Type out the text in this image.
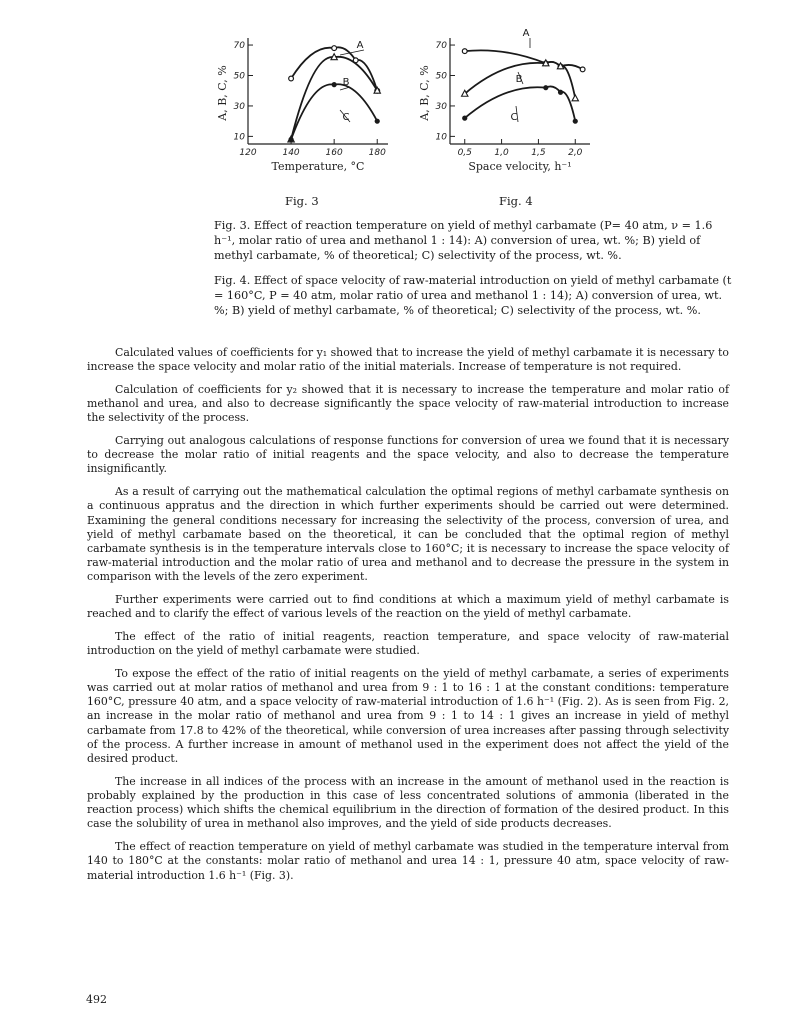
70
50
30
10
120	140	160	180
Temperature, °C
A, B, C, %
A
B
C
Fig. 3
70
50
30
10
0,5	1,0	1,5	2,0
Space velocity, h⁻¹
A, B, C, %
A
B
C
Fig. 4

Fig. 3. Effect of reaction temperature on yield of methyl carbamate (P= 40 atm, ν = 1.6 h⁻¹, molar ratio of urea and methanol 1 : 14): A) conversion of urea, wt. %; B) yield of methyl carbamate, % of theoretical; C) selectivity of the process, wt. %.

Fig. 4. Effect of space velocity of raw-material introduction on yield of methyl carbamate (t = 160°C, P = 40 atm, molar ratio of urea and methanol 1 : 14); A) conversion of urea, wt. %; B) yield of methyl carbamate, % of theoretical; C) selectivity of the process, wt. %.

Calculated values of coefficients for y₁ showed that to increase the yield of methyl carbamate it is necessary to increase the space velocity and molar ratio of the initial materials. Increase of temperature is not required.

Calculation of coefficients for y₂ showed that it is necessary to increase the temperature and molar ratio of methanol and urea, and also to decrease significantly the space velocity of raw-material introduction to increase the selectivity of the process.

Carrying out analogous calculations of response functions for conversion of urea we found that it is necessary to decrease the molar ratio of initial reagents and the space velocity, and also to decrease the temperature insignificantly.

As a result of carrying out the mathematical calculation the optimal regions of methyl carbamate synthesis on a continuous appratus and the direction in which further experiments should be carried out were determined. Examining the general conditions necessary for increasing the selectivity of the process, conversion of urea, and yield of methyl carbamate based on the theoretical, it can be concluded that the optimal region of methyl carbamate synthesis is in the temperature intervals close to 160°C; it is necessary to increase the space velocity of raw-material introduction and the molar ratio of urea and methanol and to decrease the pressure in the system in comparison with the levels of the zero experiment.

Further experiments were carried out to find conditions at which a maximum yield of methyl carbamate is reached and to clarify the effect of various levels of the reaction on the yield of methyl carbamate.

The effect of the ratio of initial reagents, reaction temperature, and space velocity of raw-material introduction on the yield of methyl carbamate were studied.

To expose the effect of the ratio of initial reagents on the yield of methyl carbamate, a series of experiments was carried out at molar ratios of methanol and urea from 9 : 1 to 16 : 1 at the constant conditions: temperature 160°C, pressure 40 atm, and a space velocity of raw-material introduction of 1.6 h⁻¹ (Fig. 2). As is seen from Fig. 2, an increase in the molar ratio of methanol and urea from 9 : 1 to 14 : 1 gives an increase in yield of methyl carbamate from 17.8 to 42% of the theoretical, while conversion of urea increases after passing through selectivity of the process. A further increase in amount of methanol used in the experiment does not affect the yield of the desired product.

The increase in all indices of the process with an increase in the amount of methanol used in the reaction is probably explained by the production in this case of less concentrated solutions of ammonia (liberated in the reaction process) which shifts the chemical equilibrium in the direction of formation of the desired product. In this case the solubility of urea in methanol also improves, and the yield of side products decreases.

The effect of reaction temperature on yield of methyl carbamate was studied in the temperature interval from 140 to 180°C at the constants: molar ratio of methanol and urea 14 : 1, pressure 40 atm, space velocity of raw-material introduction 1.6 h⁻¹ (Fig. 3).

492
